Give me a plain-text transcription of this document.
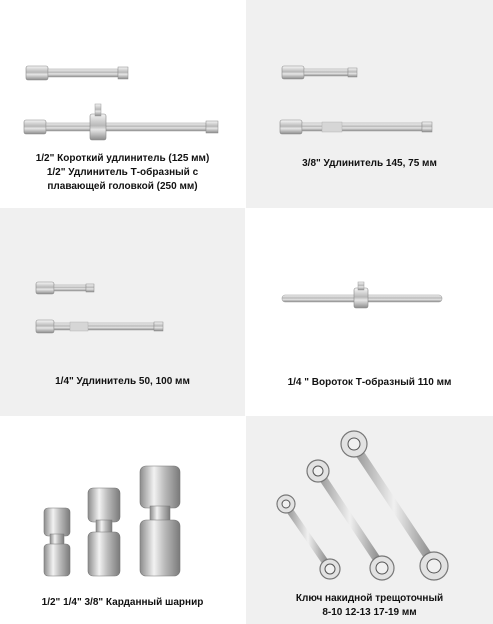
1/2" Короткий удлинитель (125 мм)
1/2" Удлинитель Т-образный с
плавающей головкой (250 мм)
3/8" Удлинитель 145, 75 мм
1/4" Удлинитель 50, 100 мм	1/4 " Вороток Т-образный 110 мм
1/2" 1/4" 3/8" Карданный шарнир	Ключ накидной трещоточный
8-10 12-13 17-19 мм
